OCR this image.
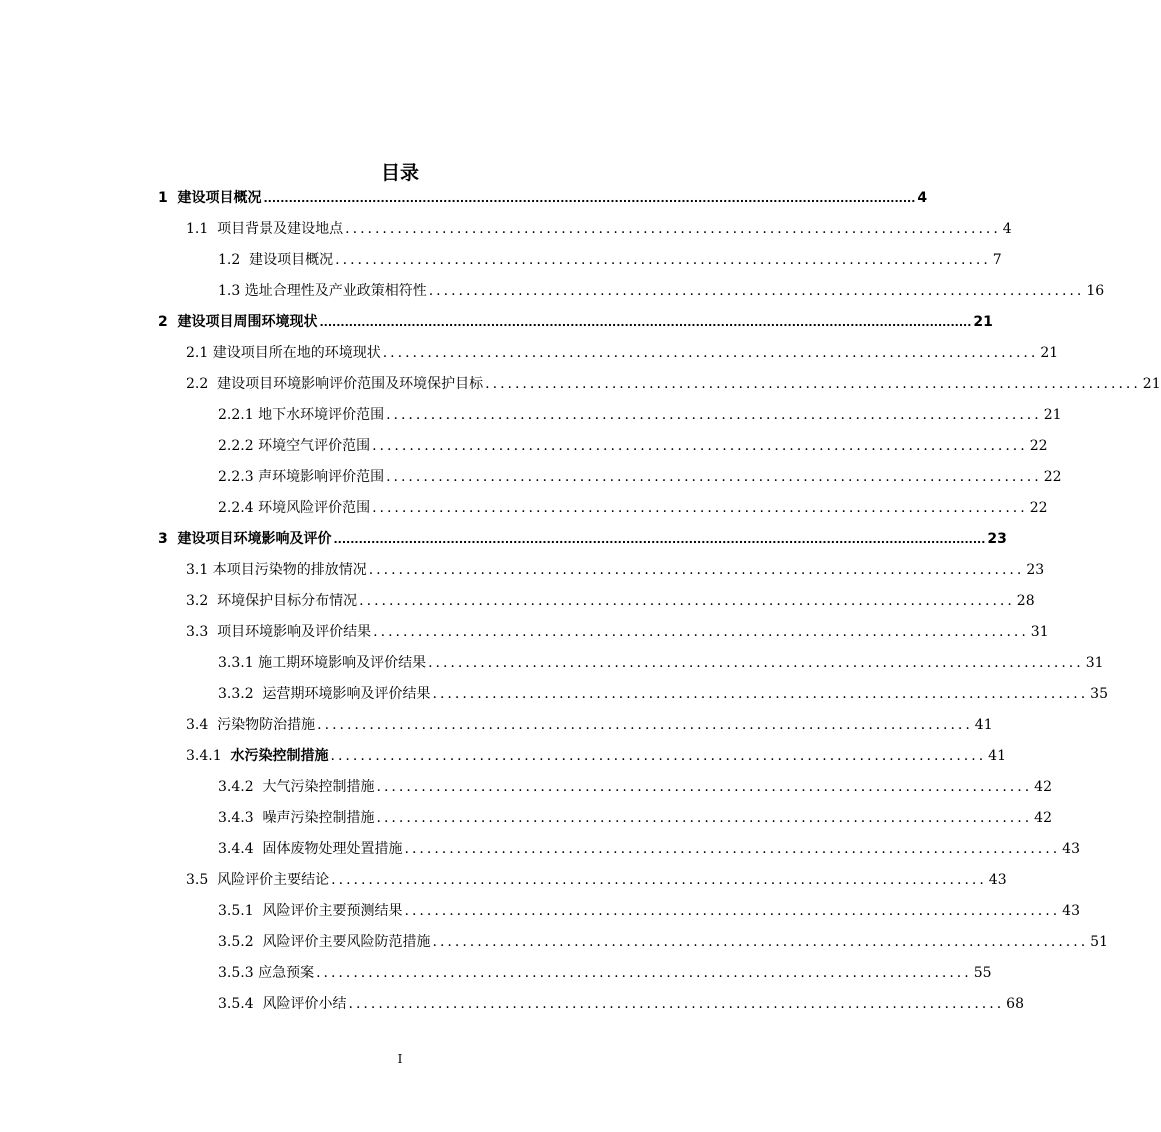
目录
1 建设项目概况 ............................................................................................................................................................ 4
1.1 项目背景及建设地点 ........................................................................................ 4
1.2 建设项目概况 ........................................................................................ 7
1.3 选址合理性及产业政策相符性 ........................................................................................ 16
2 建设项目周围环境现状 ............................................................................................................................................................ 21
2.1 建设项目所在地的环境现状 ........................................................................................ 21
2.2 建设项目环境影响评价范围及环境保护目标 ........................................................................................ 21
2.2.1 地下水环境评价范围 ........................................................................................ 21
2.2.2 环境空气评价范围 ........................................................................................ 22
2.2.3 声环境影响评价范围 ........................................................................................ 22
2.2.4 环境风险评价范围 ........................................................................................ 22
3 建设项目环境影响及评价 ............................................................................................................................................................ 23
3.1 本项目污染物的排放情况 ........................................................................................ 23
3.2 环境保护目标分布情况 ........................................................................................ 28
3.3 项目环境影响及评价结果 ........................................................................................ 31
3.3.1 施工期环境影响及评价结果 ........................................................................................ 31
3.3.2 运营期环境影响及评价结果 ........................................................................................ 35
3.4 污染物防治措施 ........................................................................................ 41
3.4.1 水污染控制措施 ........................................................................................ 41
3.4.2 大气污染控制措施 ........................................................................................ 42
3.4.3 噪声污染控制措施 ........................................................................................ 42
3.4.4 固体废物处理处置措施 ........................................................................................ 43
3.5 风险评价主要结论 ........................................................................................ 43
3.5.1 风险评价主要预测结果 ........................................................................................ 43
3.5.2 风险评价主要风险防范措施 ........................................................................................ 51
3.5.3 应急预案 ........................................................................................ 55
3.5.4 风险评价小结 ........................................................................................ 68
I
